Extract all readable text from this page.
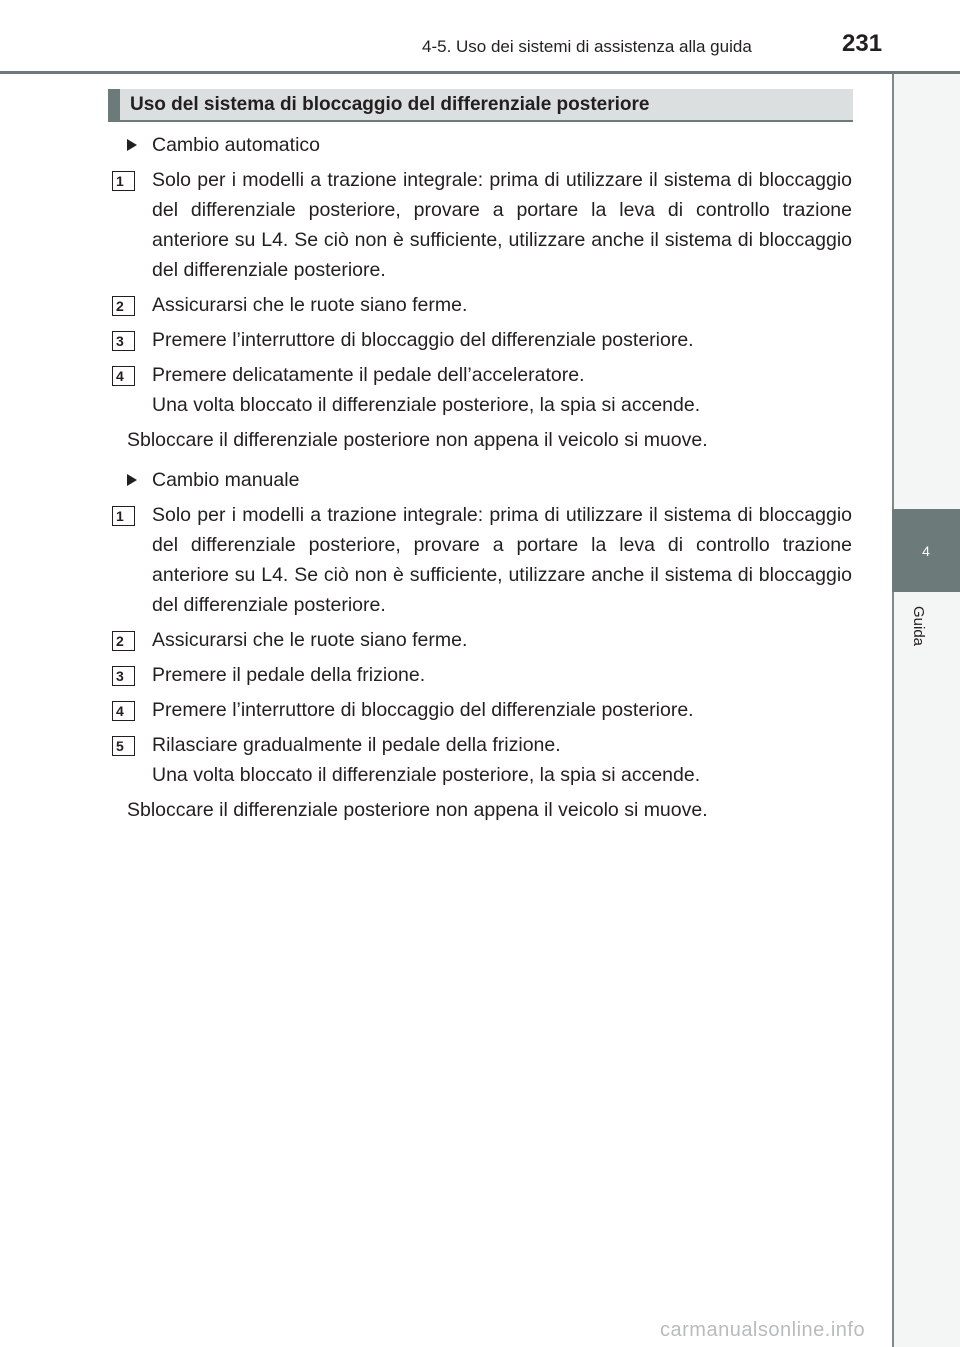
4-5. Uso dei sistemi di assistenza alla guida	231
4
Guida
Uso del sistema di bloccaggio del differenziale posteriore

Cambio automatico

1	Solo per i modelli a trazione integrale: prima di utilizzare il sistema di bloccaggio del differenziale posteriore, provare a portare la leva di controllo trazione anteriore su L4. Se ciò non è sufficiente, utilizzare anche il sistema di bloccaggio del differenziale posteriore.
2	Assicurarsi che le ruote siano ferme.
3	Premere l’interruttore di bloccaggio del differenziale posteriore.
4	Premere delicatamente il pedale dell’acceleratore.
Una volta bloccato il differenziale posteriore, la spia si accende.

Sbloccare il differenziale posteriore non appena il veicolo si muove.

Cambio manuale

1	Solo per i modelli a trazione integrale: prima di utilizzare il sistema di bloccaggio del differenziale posteriore, provare a portare la leva di controllo trazione anteriore su L4. Se ciò non è sufficiente, utilizzare anche il sistema di bloccaggio del differenziale posteriore.
2	Assicurarsi che le ruote siano ferme.
3	Premere il pedale della frizione.
4	Premere l’interruttore di bloccaggio del differenziale posteriore.
5	Rilasciare gradualmente il pedale della frizione.
Una volta bloccato il differenziale posteriore, la spia si accende.

Sbloccare il differenziale posteriore non appena il veicolo si muove.

carmanualsonline.info
